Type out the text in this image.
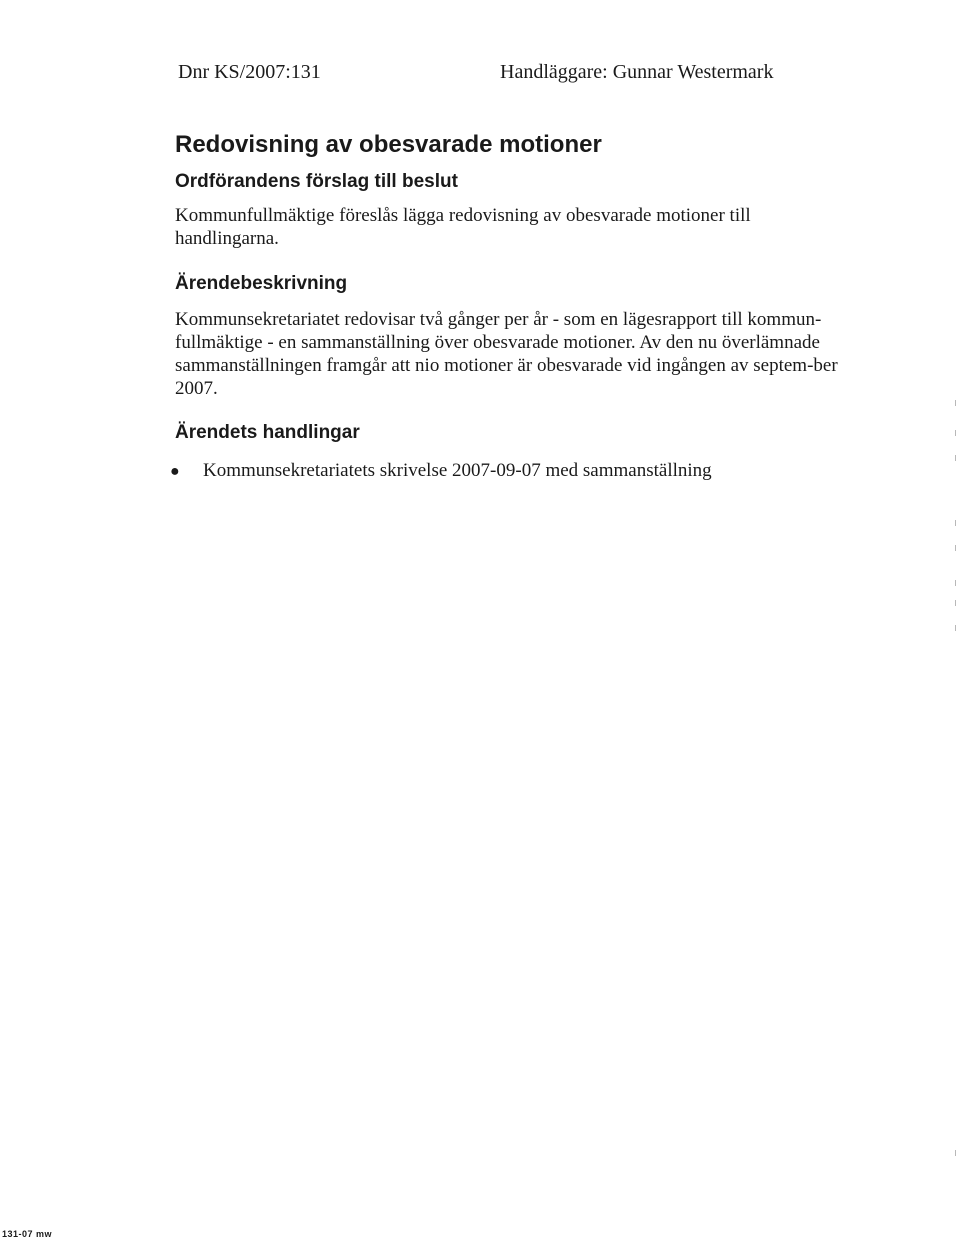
Dnr KS/2007:131	Handläggare: Gunnar Westermark
Redovisning av obesvarade motioner
Ordförandens förslag till beslut
Kommunfullmäktige föreslås lägga redovisning av obesvarade motioner till handlingarna.
Ärendebeskrivning
Kommunsekretariatet redovisar två gånger per år - som en lägesrapport till kommun-fullmäktige - en sammanställning över obesvarade motioner. Av den nu överlämnade sammanställningen framgår att nio motioner är obesvarade vid ingången av septem-ber 2007.
Ärendets handlingar
●	Kommunsekretariatets skrivelse 2007-09-07 med sammanställning
131-07 mw
